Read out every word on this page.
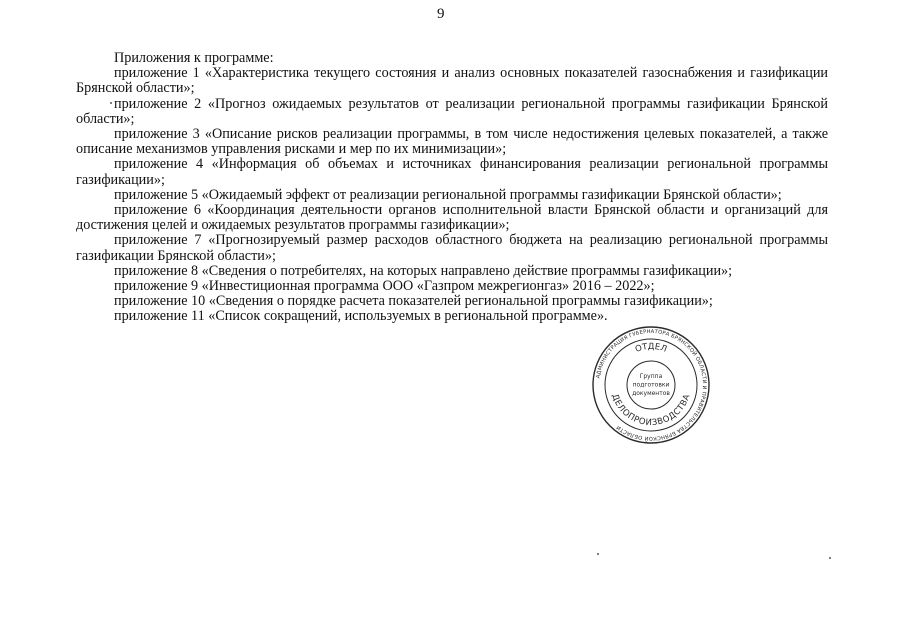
9

Приложения к программе:

приложение 1 «Характеристика текущего состояния и анализ основных показателей газоснабжения и газификации Брянской области»;

приложение 2 «Прогноз ожидаемых результатов от реализации региональной программы газификации Брянской области»;

приложение 3 «Описание рисков реализации программы, в том числе недостижения целевых показателей, а также описание механизмов управления рисками и мер по их минимизации»;

приложение 4 «Информация об объемах и источниках финансирования реализации региональной программы газификации»;

приложение 5 «Ожидаемый эффект от реализации региональной программы газификации Брянской области»;

приложение 6 «Координация деятельности органов исполнительной власти Брянской области и организаций для достижения целей и ожидаемых результатов программы газификации»;

приложение 7 «Прогнозируемый размер расходов областного бюджета на реализацию региональной программы газификации Брянской области»;

приложение 8 «Сведения о потребителях, на которых направлено действие программы газификации»;

приложение 9 «Инвестиционная программа ООО «Газпром межрегионгаз» 2016 – 2022»;

приложение 10 «Сведения о порядке расчета показателей региональной программы газификации»;

приложение 11 «Список сокращений, используемых в региональной программе».

АДМИНИСТРАЦИЯ ГУБЕРНАТОРА БРЯНСКОЙ ОБЛАСТИ И ПРАВИТЕЛЬСТВА БРЯНСКОЙ ОБЛАСТИ
ОТДЕЛ
ДЕЛОПРОИЗВОДСТВА
Группа
подготовки
документов
